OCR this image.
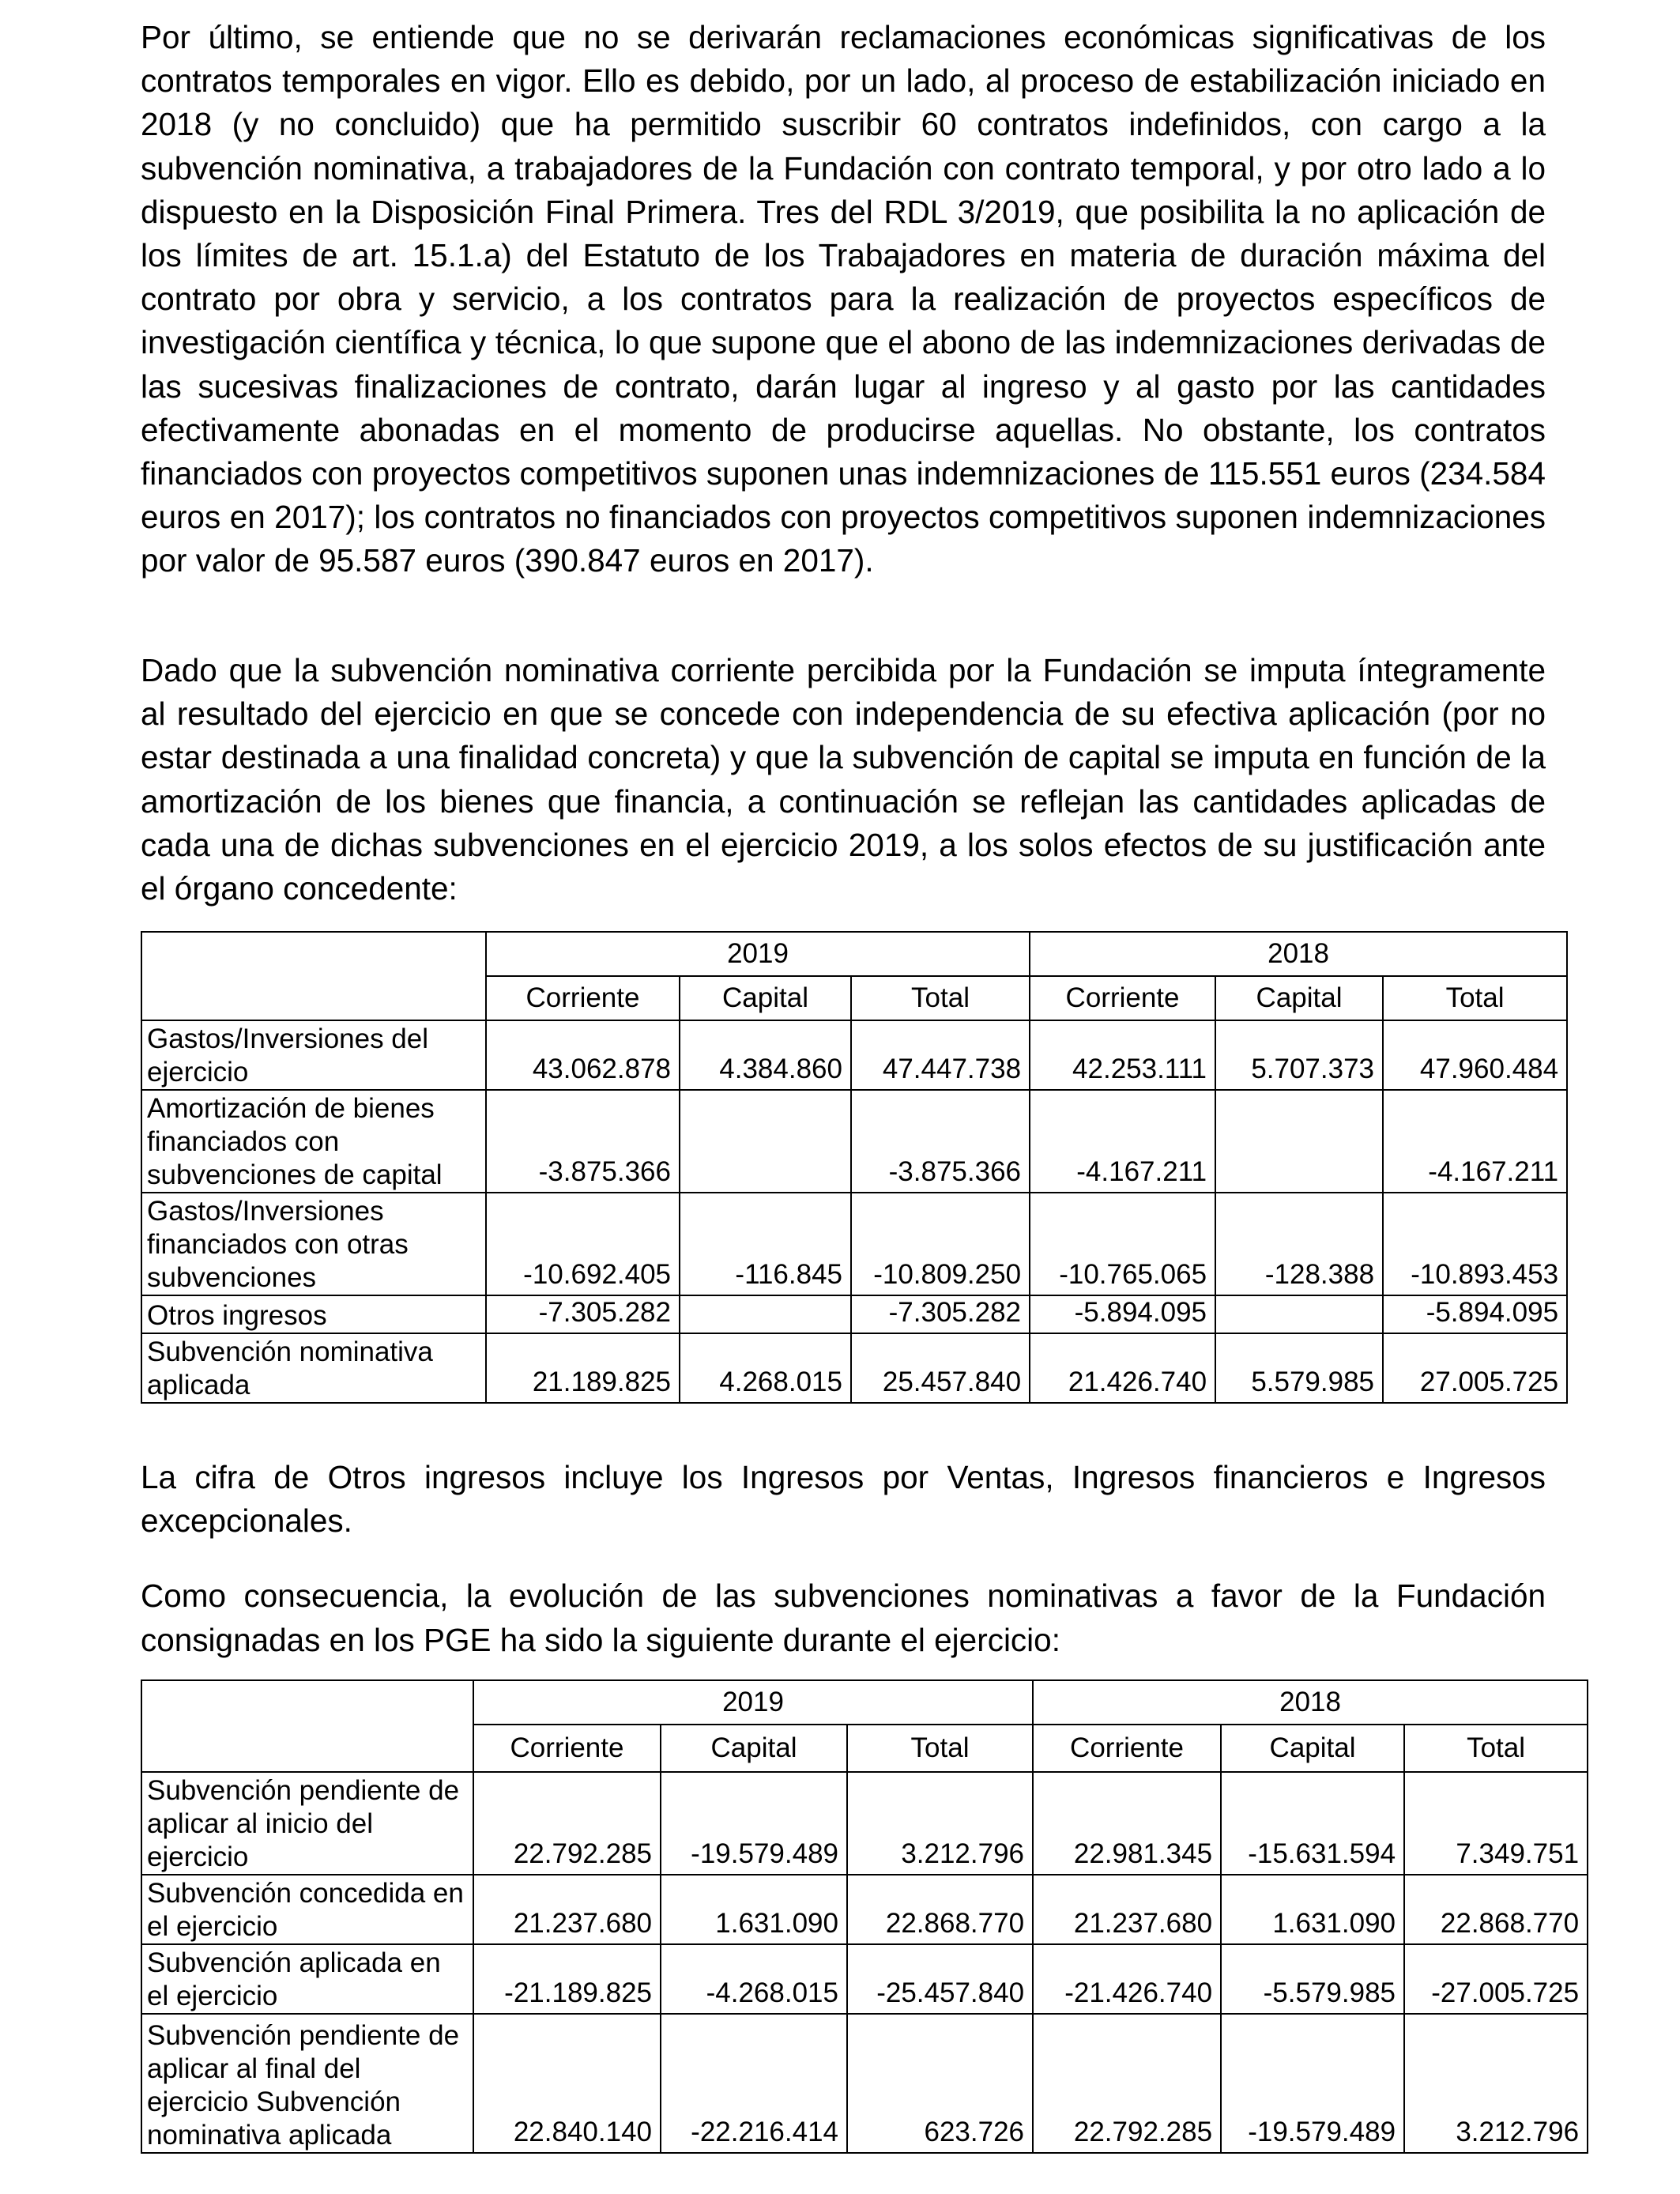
Por último, se entiende que no se derivarán reclamaciones económicas significativas de los contratos temporales en vigor. Ello es debido, por un lado, al proceso de estabilización iniciado en 2018 (y no concluido) que ha permitido suscribir 60 contratos indefinidos, con cargo a la subvención nominativa, a trabajadores de la Fundación con contrato temporal, y por otro lado a lo dispuesto en la Disposición Final Primera. Tres del RDL 3/2019, que posibilita la no aplicación de los límites de art. 15.1.a) del Estatuto de los Trabajadores en materia de duración máxima del contrato por obra y servicio, a los contratos para la realización de proyectos específicos de investigación científica y técnica, lo que supone que el abono de las indemnizaciones derivadas de las sucesivas finalizaciones de contrato, darán lugar al ingreso y al gasto por las cantidades efectivamente abonadas en el momento de producirse aquellas. No obstante, los contratos financiados con proyectos competitivos suponen unas indemnizaciones de 115.551 euros (234.584 euros en 2017); los contratos no financiados con proyectos competitivos suponen indemnizaciones por valor de 95.587 euros (390.847 euros en 2017).

Dado que la subvención nominativa corriente percibida por la Fundación se imputa íntegramente al resultado del ejercicio en que se concede con independencia de su efectiva aplicación (por no estar destinada a una finalidad concreta) y que la subvención de capital se imputa en función de la amortización de los bienes que financia, a continuación se reflejan las cantidades aplicadas de cada una de dichas subvenciones en el ejercicio 2019, a los solos efectos de su justificación ante el órgano concedente:

	2019			2018		
	Corriente	Capital	Total	Corriente	Capital	Total
Gastos/Inversiones del ejercicio	43.062.878	4.384.860	47.447.738	42.253.111	5.707.373	47.960.484
Amortización de bienes financiados con subvenciones de capital	-3.875.366		-3.875.366	-4.167.211		-4.167.211
Gastos/Inversiones financiados con otras subvenciones	-10.692.405	-116.845	-10.809.250	-10.765.065	-128.388	-10.893.453
Otros ingresos	-7.305.282		-7.305.282	-5.894.095		-5.894.095
Subvención nominativa aplicada	21.189.825	4.268.015	25.457.840	21.426.740	5.579.985	27.005.725

La cifra de Otros ingresos incluye los Ingresos por Ventas, Ingresos financieros e Ingresos excepcionales.

Como consecuencia, la evolución de las subvenciones nominativas a favor de la Fundación consignadas en los PGE ha sido la siguiente durante el ejercicio:

	2019			2018		
	Corriente	Capital	Total	Corriente	Capital	Total
Subvención pendiente de aplicar al inicio del ejercicio	22.792.285	-19.579.489	3.212.796	22.981.345	-15.631.594	7.349.751
Subvención concedida en el ejercicio	21.237.680	1.631.090	22.868.770	21.237.680	1.631.090	22.868.770
Subvención aplicada en el ejercicio	-21.189.825	-4.268.015	-25.457.840	-21.426.740	-5.579.985	-27.005.725
Subvención pendiente de aplicar al final del ejercicio Subvención nominativa aplicada	22.840.140	-22.216.414	623.726	22.792.285	-19.579.489	3.212.796
